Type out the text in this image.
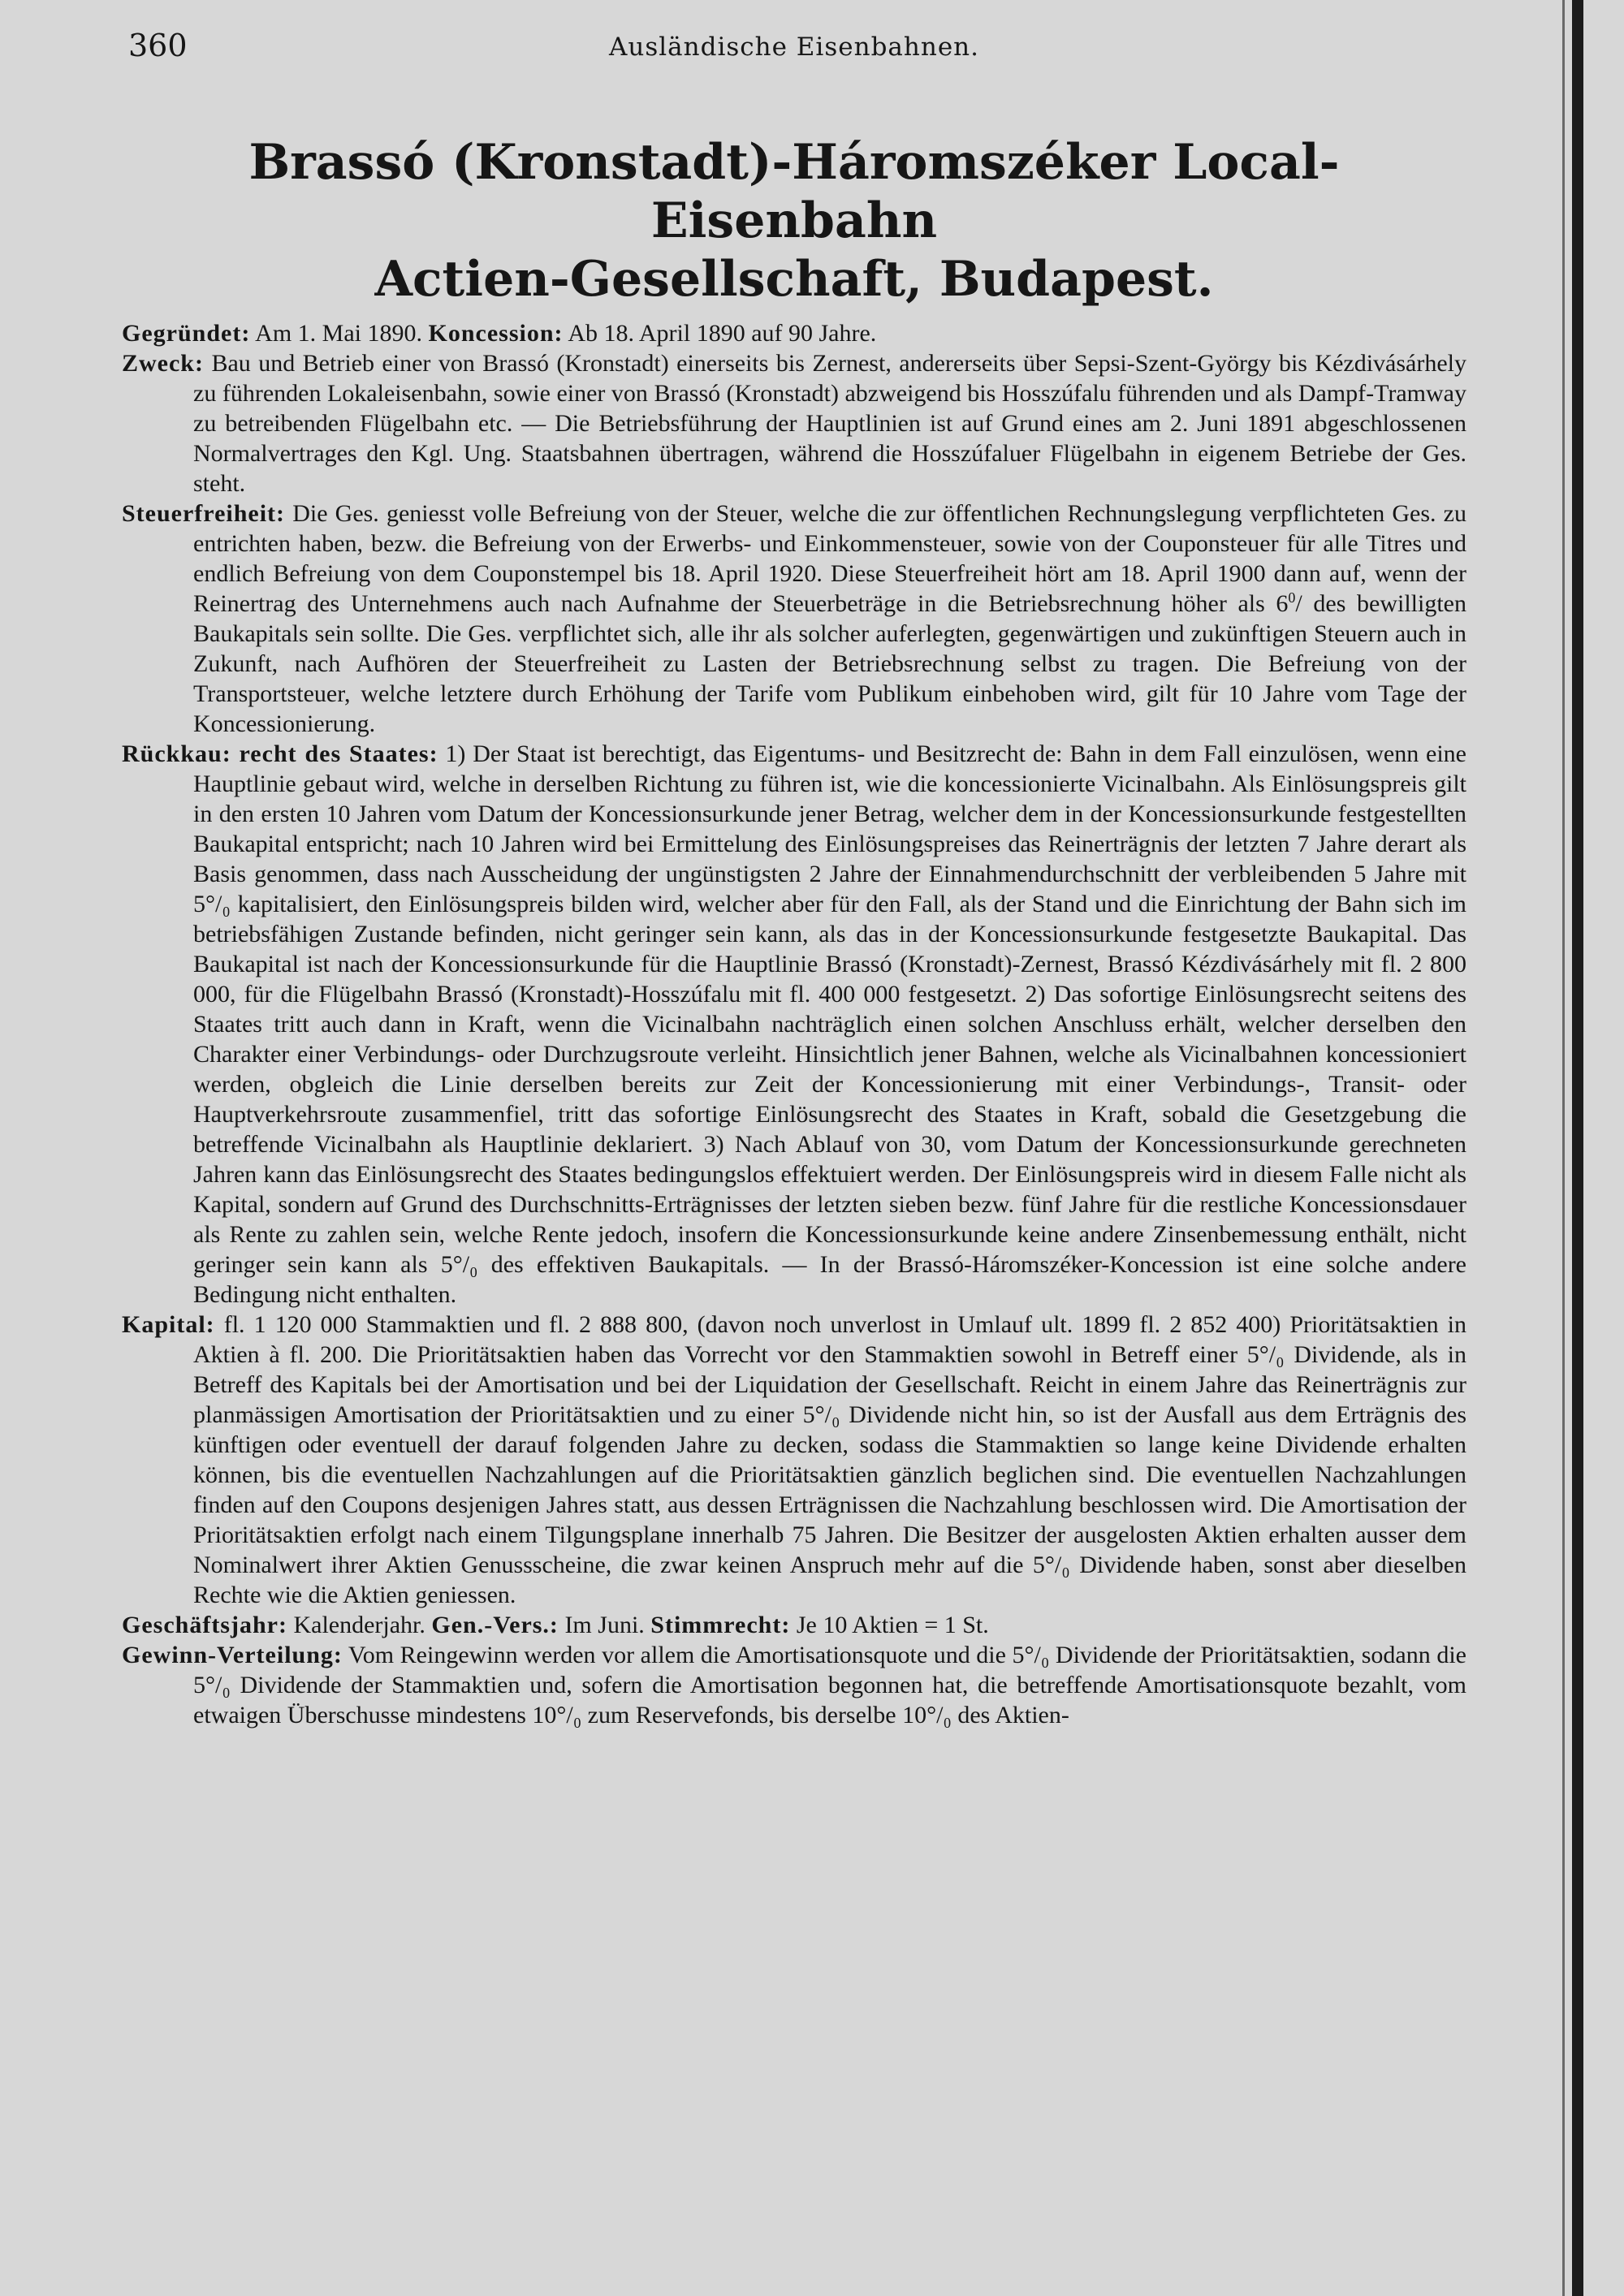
360	Ausländische Eisenbahnen.
Brassó (Kronstadt)-Háromszéker Local-Eisenbahn
Actien-Gesellschaft, Budapest.

Gegründet: Am 1. Mai 1890. Koncession: Ab 18. April 1890 auf 90 Jahre.

Zweck: Bau und Betrieb einer von Brassó (Kronstadt) einerseits bis Zernest, andererseits über Sepsi-Szent-György bis Kézdivásárhely zu führenden Lokaleisenbahn, sowie einer von Brassó (Kronstadt) abzweigend bis Hosszúfalu führenden und als Dampf-Tramway zu betreibenden Flügelbahn etc. — Die Betriebsführung der Hauptlinien ist auf Grund eines am 2. Juni 1891 abgeschlossenen Normalvertrages den Kgl. Ung. Staatsbahnen übertragen, während die Hosszúfaluer Flügelbahn in eigenem Betriebe der Ges. steht.

Steuerfreiheit: Die Ges. geniesst volle Befreiung von der Steuer, welche die zur öffentlichen Rechnungslegung verpflichteten Ges. zu entrichten haben, bezw. die Befreiung von der Erwerbs- und Einkommensteuer, sowie von der Couponsteuer für alle Titres und endlich Befreiung von dem Couponstempel bis 18. April 1920. Diese Steuerfreiheit hört am 18. April 1900 dann auf, wenn der Reinertrag des Unternehmens auch nach Aufnahme der Steuerbeträge in die Betriebsrechnung höher als $6^0/$ des bewilligten Baukapitals sein sollte. Die Ges. verpflichtet sich, alle ihr als solcher auferlegten, gegenwärtigen und zukünftigen Steuern auch in Zukunft, nach Aufhören der Steuerfreiheit zu Lasten der Betriebsrechnung selbst zu tragen. Die Befreiung von der Transportsteuer, welche letztere durch Erhöhung der Tarife vom Publikum einbehoben wird, gilt für 10 Jahre vom Tage der Koncessionierung.

Rückkau: recht des Staates: 1) Der Staat ist berechtigt, das Eigentums- und Besitzrecht de: Bahn in dem Fall einzulösen, wenn eine Hauptlinie gebaut wird, welche in derselben Richtung zu führen ist, wie die koncessionierte Vicinalbahn. Als Einlösungspreis gilt in den ersten 10 Jahren vom Datum der Koncessionsurkunde jener Betrag, welcher dem in der Koncessionsurkunde festgestellten Baukapital entspricht; nach 10 Jahren wird bei Ermittelung des Einlösungspreises das Reinerträgnis der letzten 7 Jahre derart als Basis genommen, dass nach Ausscheidung der ungünstigsten 2 Jahre der Einnahmendurchschnitt der verbleibenden 5 Jahre mit 5°/₀ kapitalisiert, den Einlösungspreis bilden wird, welcher aber für den Fall, als der Stand und die Einrichtung der Bahn sich im betriebsfähigen Zustande befinden, nicht geringer sein kann, als das in der Koncessionsurkunde festgesetzte Baukapital. Das Baukapital ist nach der Koncessionsurkunde für die Hauptlinie Brassó (Kronstadt)-Zernest, Brassó Kézdivásárhely mit fl. 2 800 000, für die Flügelbahn Brassó (Kronstadt)-Hosszúfalu mit fl. 400 000 festgesetzt. 2) Das sofortige Einlösungsrecht seitens des Staates tritt auch dann in Kraft, wenn die Vicinalbahn nachträglich einen solchen Anschluss erhält, welcher derselben den Charakter einer Verbindungs- oder Durchzugsroute verleiht. Hinsichtlich jener Bahnen, welche als Vicinalbahnen koncessioniert werden, obgleich die Linie derselben bereits zur Zeit der Koncessionierung mit einer Verbindungs-, Transit- oder Hauptverkehrsroute zusammenfiel, tritt das sofortige Einlösungsrecht des Staates in Kraft, sobald die Gesetzgebung die betreffende Vicinalbahn als Hauptlinie deklariert. 3) Nach Ablauf von 30, vom Datum der Koncessionsurkunde gerechneten Jahren kann das Einlösungsrecht des Staates bedingungslos effektuiert werden. Der Einlösungspreis wird in diesem Falle nicht als Kapital, sondern auf Grund des Durchschnitts-Erträgnisses der letzten sieben bezw. fünf Jahre für die restliche Koncessionsdauer als Rente zu zahlen sein, welche Rente jedoch, insofern die Koncessionsurkunde keine andere Zinsenbemessung enthält, nicht geringer sein kann als 5°/₀ des effektiven Baukapitals. — In der Brassó-Háromszéker-Koncession ist eine solche andere Bedingung nicht enthalten.

Kapital: fl. 1 120 000 Stammaktien und fl. 2 888 800, (davon noch unverlost in Umlauf ult. 1899 fl. 2 852 400) Prioritätsaktien in Aktien à fl. 200. Die Prioritätsaktien haben das Vorrecht vor den Stammaktien sowohl in Betreff einer 5°/₀ Dividende, als in Betreff des Kapitals bei der Amortisation und bei der Liquidation der Gesellschaft. Reicht in einem Jahre das Reinerträgnis zur planmässigen Amortisation der Prioritätsaktien und zu einer 5°/₀ Dividende nicht hin, so ist der Ausfall aus dem Erträgnis des künftigen oder eventuell der darauf folgenden Jahre zu decken, sodass die Stammaktien so lange keine Dividende erhalten können, bis die eventuellen Nachzahlungen auf die Prioritätsaktien gänzlich beglichen sind. Die eventuellen Nachzahlungen finden auf den Coupons desjenigen Jahres statt, aus dessen Erträgnissen die Nachzahlung beschlossen wird. Die Amortisation der Prioritätsaktien erfolgt nach einem Tilgungsplane innerhalb 75 Jahren. Die Besitzer der ausgelosten Aktien erhalten ausser dem Nominalwert ihrer Aktien Genussscheine, die zwar keinen Anspruch mehr auf die 5°/₀ Dividende haben, sonst aber dieselben Rechte wie die Aktien geniessen.

Geschäftsjahr: Kalenderjahr. Gen.-Vers.: Im Juni. Stimmrecht: Je 10 Aktien = 1 St.

Gewinn-Verteilung: Vom Reingewinn werden vor allem die Amortisationsquote und die 5°/₀ Dividende der Prioritätsaktien, sodann die 5°/₀ Dividende der Stammaktien und, sofern die Amortisation begonnen hat, die betreffende Amortisationsquote bezahlt, vom etwaigen Überschusse mindestens 10°/₀ zum Reservefonds, bis derselbe 10°/₀ des Aktien-
